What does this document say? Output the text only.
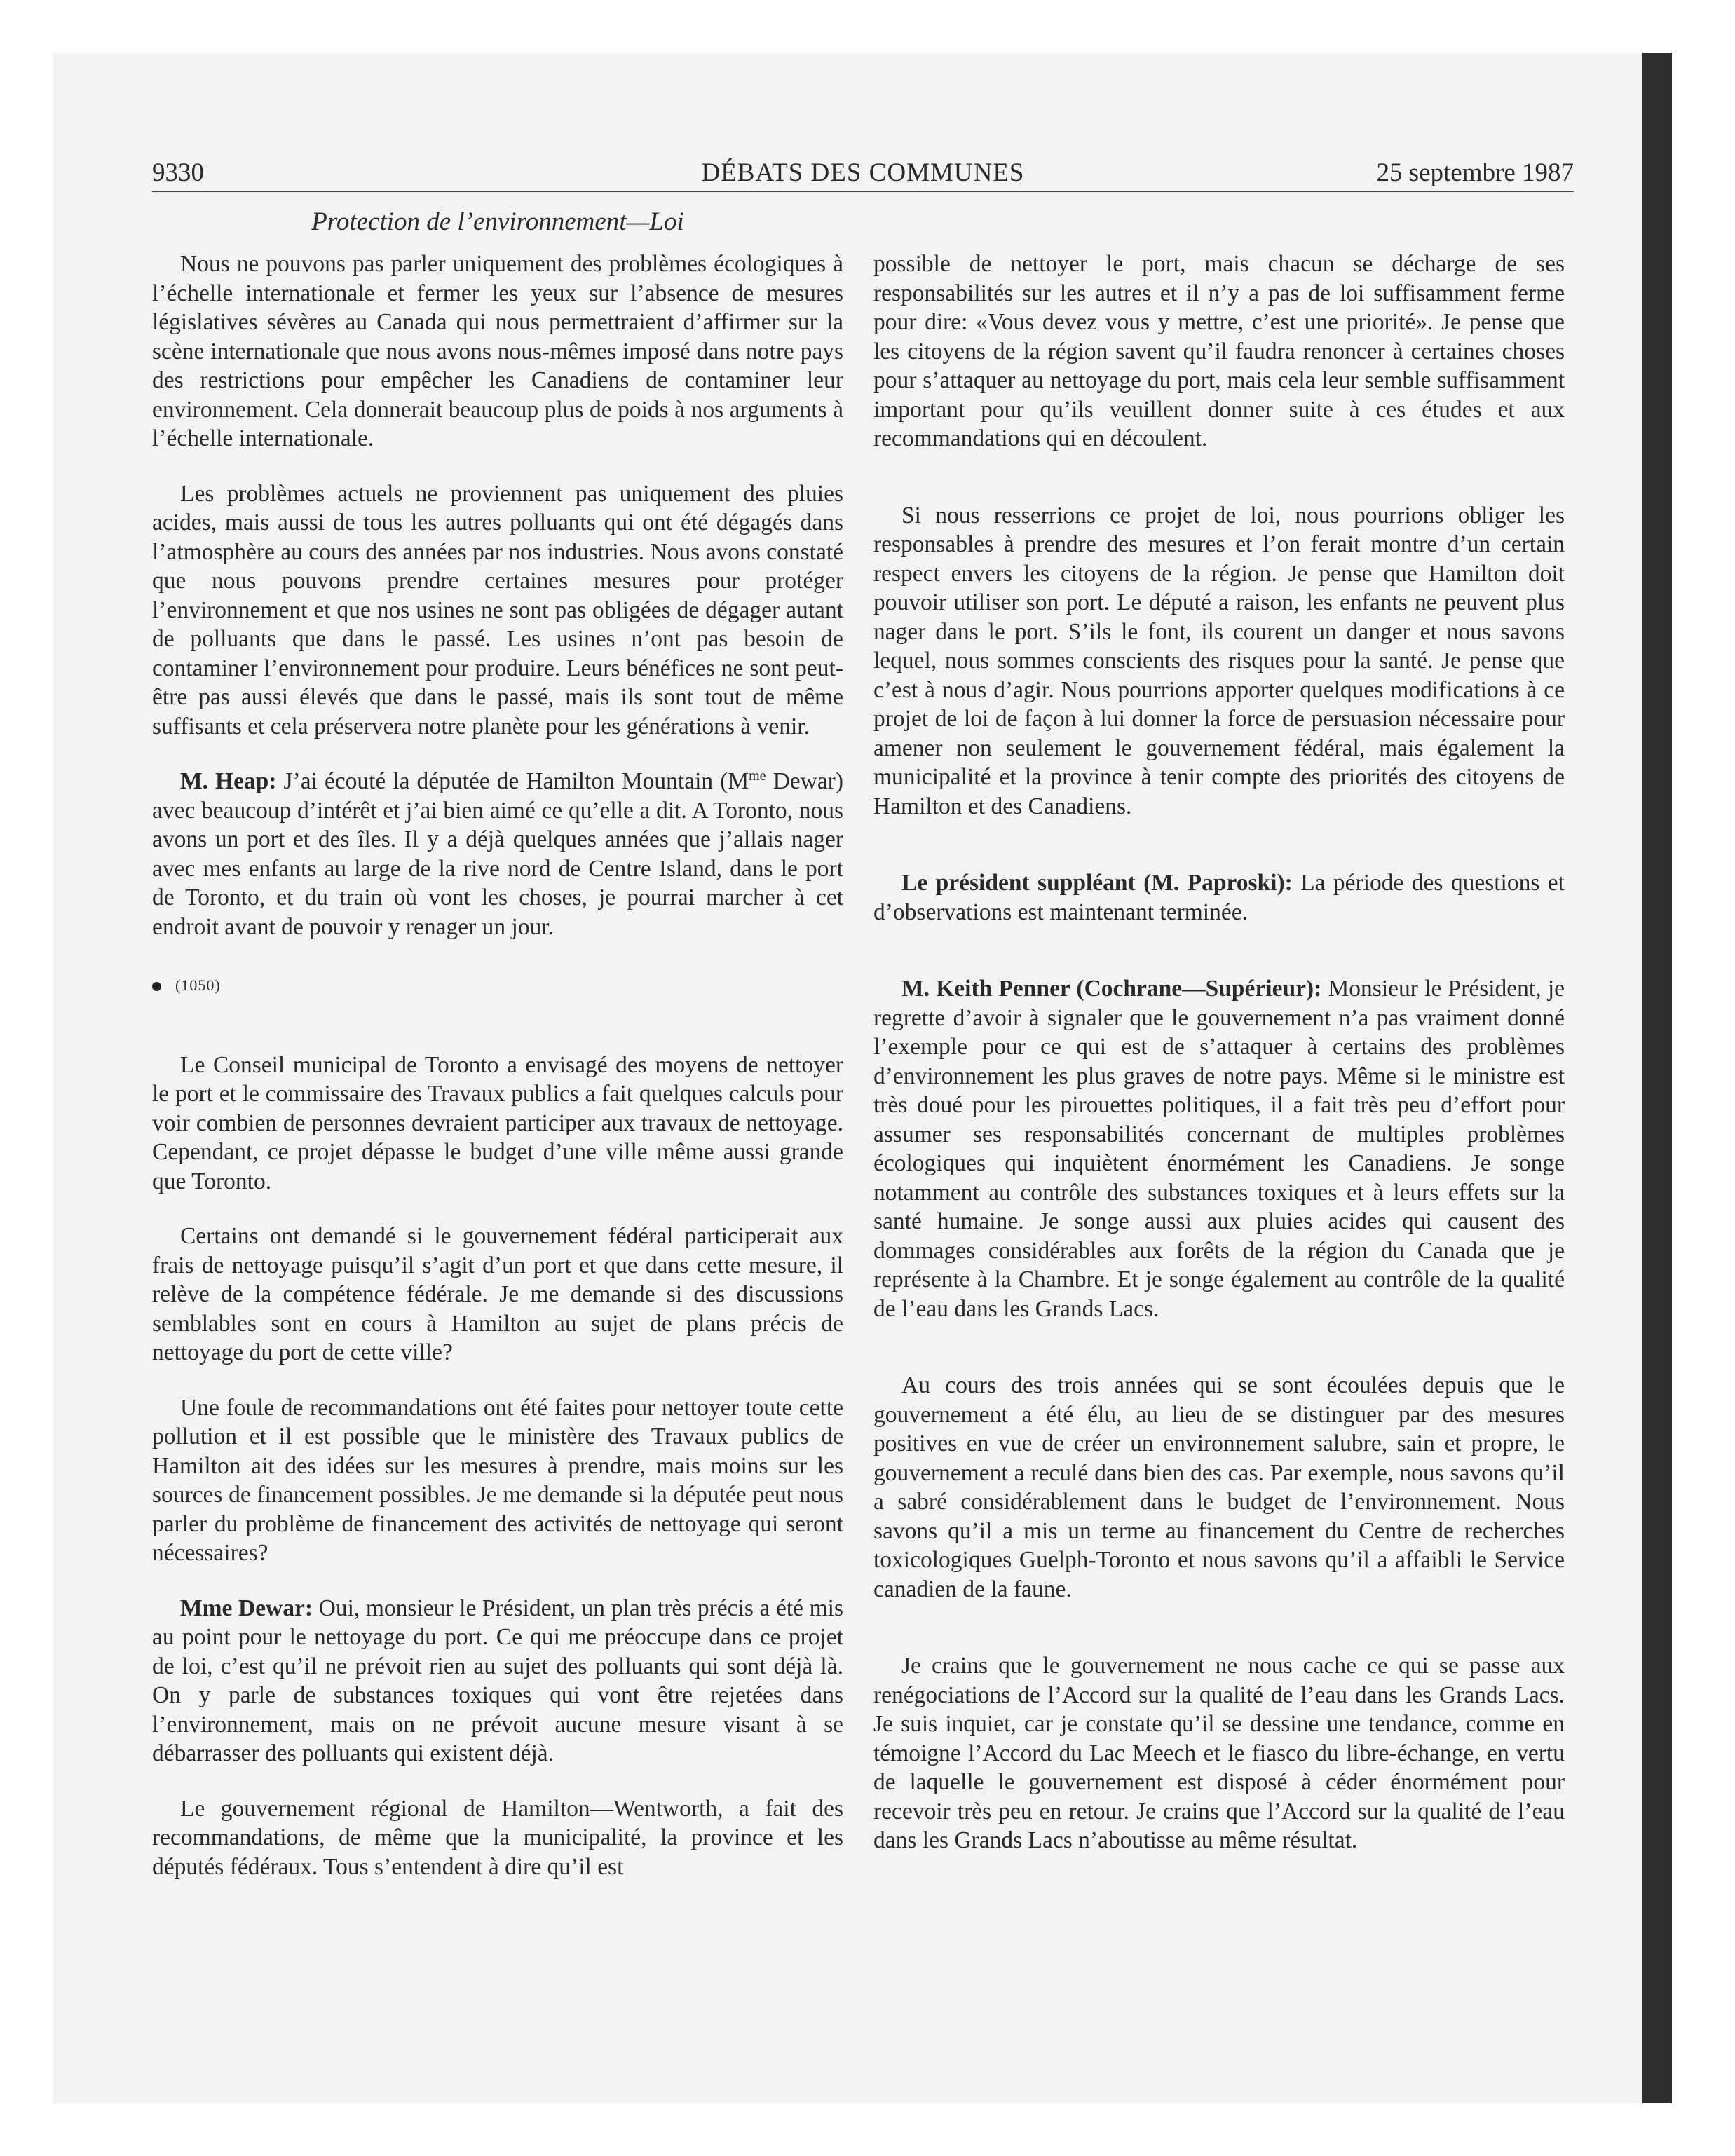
9330	DÉBATS DES COMMUNES	25 septembre 1987
Protection de l’environnement—Loi

Nous ne pouvons pas parler uniquement des problèmes écologiques à l’échelle internationale et fermer les yeux sur l’absence de mesures législatives sévères au Canada qui nous permettraient d’affirmer sur la scène internationale que nous avons nous-mêmes imposé dans notre pays des restrictions pour empêcher les Canadiens de contaminer leur environnement. Cela donnerait beaucoup plus de poids à nos arguments à l’échelle internationale.

Les problèmes actuels ne proviennent pas uniquement des pluies acides, mais aussi de tous les autres polluants qui ont été dégagés dans l’atmosphère au cours des années par nos industries. Nous avons constaté que nous pouvons prendre certaines mesures pour protéger l’environnement et que nos usines ne sont pas obligées de dégager autant de polluants que dans le passé. Les usines n’ont pas besoin de contaminer l’environnement pour produire. Leurs bénéfices ne sont peut-être pas aussi élevés que dans le passé, mais ils sont tout de même suffisants et cela préservera notre planète pour les générations à venir.

M. Heap: J’ai écouté la députée de Hamilton Mountain ($M^{me}$ Dewar) avec beaucoup d’intérêt et j’ai bien aimé ce qu’elle a dit. A Toronto, nous avons un port et des îles. Il y a déjà quelques années que j’allais nager avec mes enfants au large de la rive nord de Centre Island, dans le port de Toronto, et du train où vont les choses, je pourrai marcher à cet endroit avant de pouvoir y renager un jour.

(1050)

Le Conseil municipal de Toronto a envisagé des moyens de nettoyer le port et le commissaire des Travaux publics a fait quelques calculs pour voir combien de personnes devraient participer aux travaux de nettoyage. Cependant, ce projet dépasse le budget d’une ville même aussi grande que Toronto.

Certains ont demandé si le gouvernement fédéral participerait aux frais de nettoyage puisqu’il s’agit d’un port et que dans cette mesure, il relève de la compétence fédérale. Je me demande si des discussions semblables sont en cours à Hamilton au sujet de plans précis de nettoyage du port de cette ville?

Une foule de recommandations ont été faites pour nettoyer toute cette pollution et il est possible que le ministère des Travaux publics de Hamilton ait des idées sur les mesures à prendre, mais moins sur les sources de financement possibles. Je me demande si la députée peut nous parler du problème de financement des activités de nettoyage qui seront nécessaires?

Mme Dewar: Oui, monsieur le Président, un plan très précis a été mis au point pour le nettoyage du port. Ce qui me préoccupe dans ce projet de loi, c’est qu’il ne prévoit rien au sujet des polluants qui sont déjà là. On y parle de substances toxiques qui vont être rejetées dans l’environnement, mais on ne prévoit aucune mesure visant à se débarrasser des polluants qui existent déjà.

Le gouvernement régional de Hamilton—Wentworth, a fait des recommandations, de même que la municipalité, la province et les députés fédéraux. Tous s’entendent à dire qu’il est

possible de nettoyer le port, mais chacun se décharge de ses responsabilités sur les autres et il n’y a pas de loi suffisamment ferme pour dire: «Vous devez vous y mettre, c’est une priorité». Je pense que les citoyens de la région savent qu’il faudra renoncer à certaines choses pour s’attaquer au nettoyage du port, mais cela leur semble suffisamment important pour qu’ils veuillent donner suite à ces études et aux recommandations qui en découlent.

Si nous resserrions ce projet de loi, nous pourrions obliger les responsables à prendre des mesures et l’on ferait montre d’un certain respect envers les citoyens de la région. Je pense que Hamilton doit pouvoir utiliser son port. Le député a raison, les enfants ne peuvent plus nager dans le port. S’ils le font, ils courent un danger et nous savons lequel, nous sommes conscients des risques pour la santé. Je pense que c’est à nous d’agir. Nous pourrions apporter quelques modifications à ce projet de loi de façon à lui donner la force de persuasion nécessaire pour amener non seulement le gouvernement fédéral, mais également la municipalité et la province à tenir compte des priorités des citoyens de Hamilton et des Canadiens.

Le président suppléant (M. Paproski): La période des questions et d’observations est maintenant terminée.

M. Keith Penner (Cochrane—Supérieur): Monsieur le Président, je regrette d’avoir à signaler que le gouvernement n’a pas vraiment donné l’exemple pour ce qui est de s’attaquer à certains des problèmes d’environnement les plus graves de notre pays. Même si le ministre est très doué pour les pirouettes politiques, il a fait très peu d’effort pour assumer ses responsabilités concernant de multiples problèmes écologiques qui inquiètent énormément les Canadiens. Je songe notamment au contrôle des substances toxiques et à leurs effets sur la santé humaine. Je songe aussi aux pluies acides qui causent des dommages considérables aux forêts de la région du Canada que je représente à la Chambre. Et je songe également au contrôle de la qualité de l’eau dans les Grands Lacs.

Au cours des trois années qui se sont écoulées depuis que le gouvernement a été élu, au lieu de se distinguer par des mesures positives en vue de créer un environnement salubre, sain et propre, le gouvernement a reculé dans bien des cas. Par exemple, nous savons qu’il a sabré considérablement dans le budget de l’environnement. Nous savons qu’il a mis un terme au financement du Centre de recherches toxicologiques Guelph-Toronto et nous savons qu’il a affaibli le Service canadien de la faune.

Je crains que le gouvernement ne nous cache ce qui se passe aux renégociations de l’Accord sur la qualité de l’eau dans les Grands Lacs. Je suis inquiet, car je constate qu’il se dessine une tendance, comme en témoigne l’Accord du Lac Meech et le fiasco du libre-échange, en vertu de laquelle le gouvernement est disposé à céder énormément pour recevoir très peu en retour. Je crains que l’Accord sur la qualité de l’eau dans les Grands Lacs n’aboutisse au même résultat.
